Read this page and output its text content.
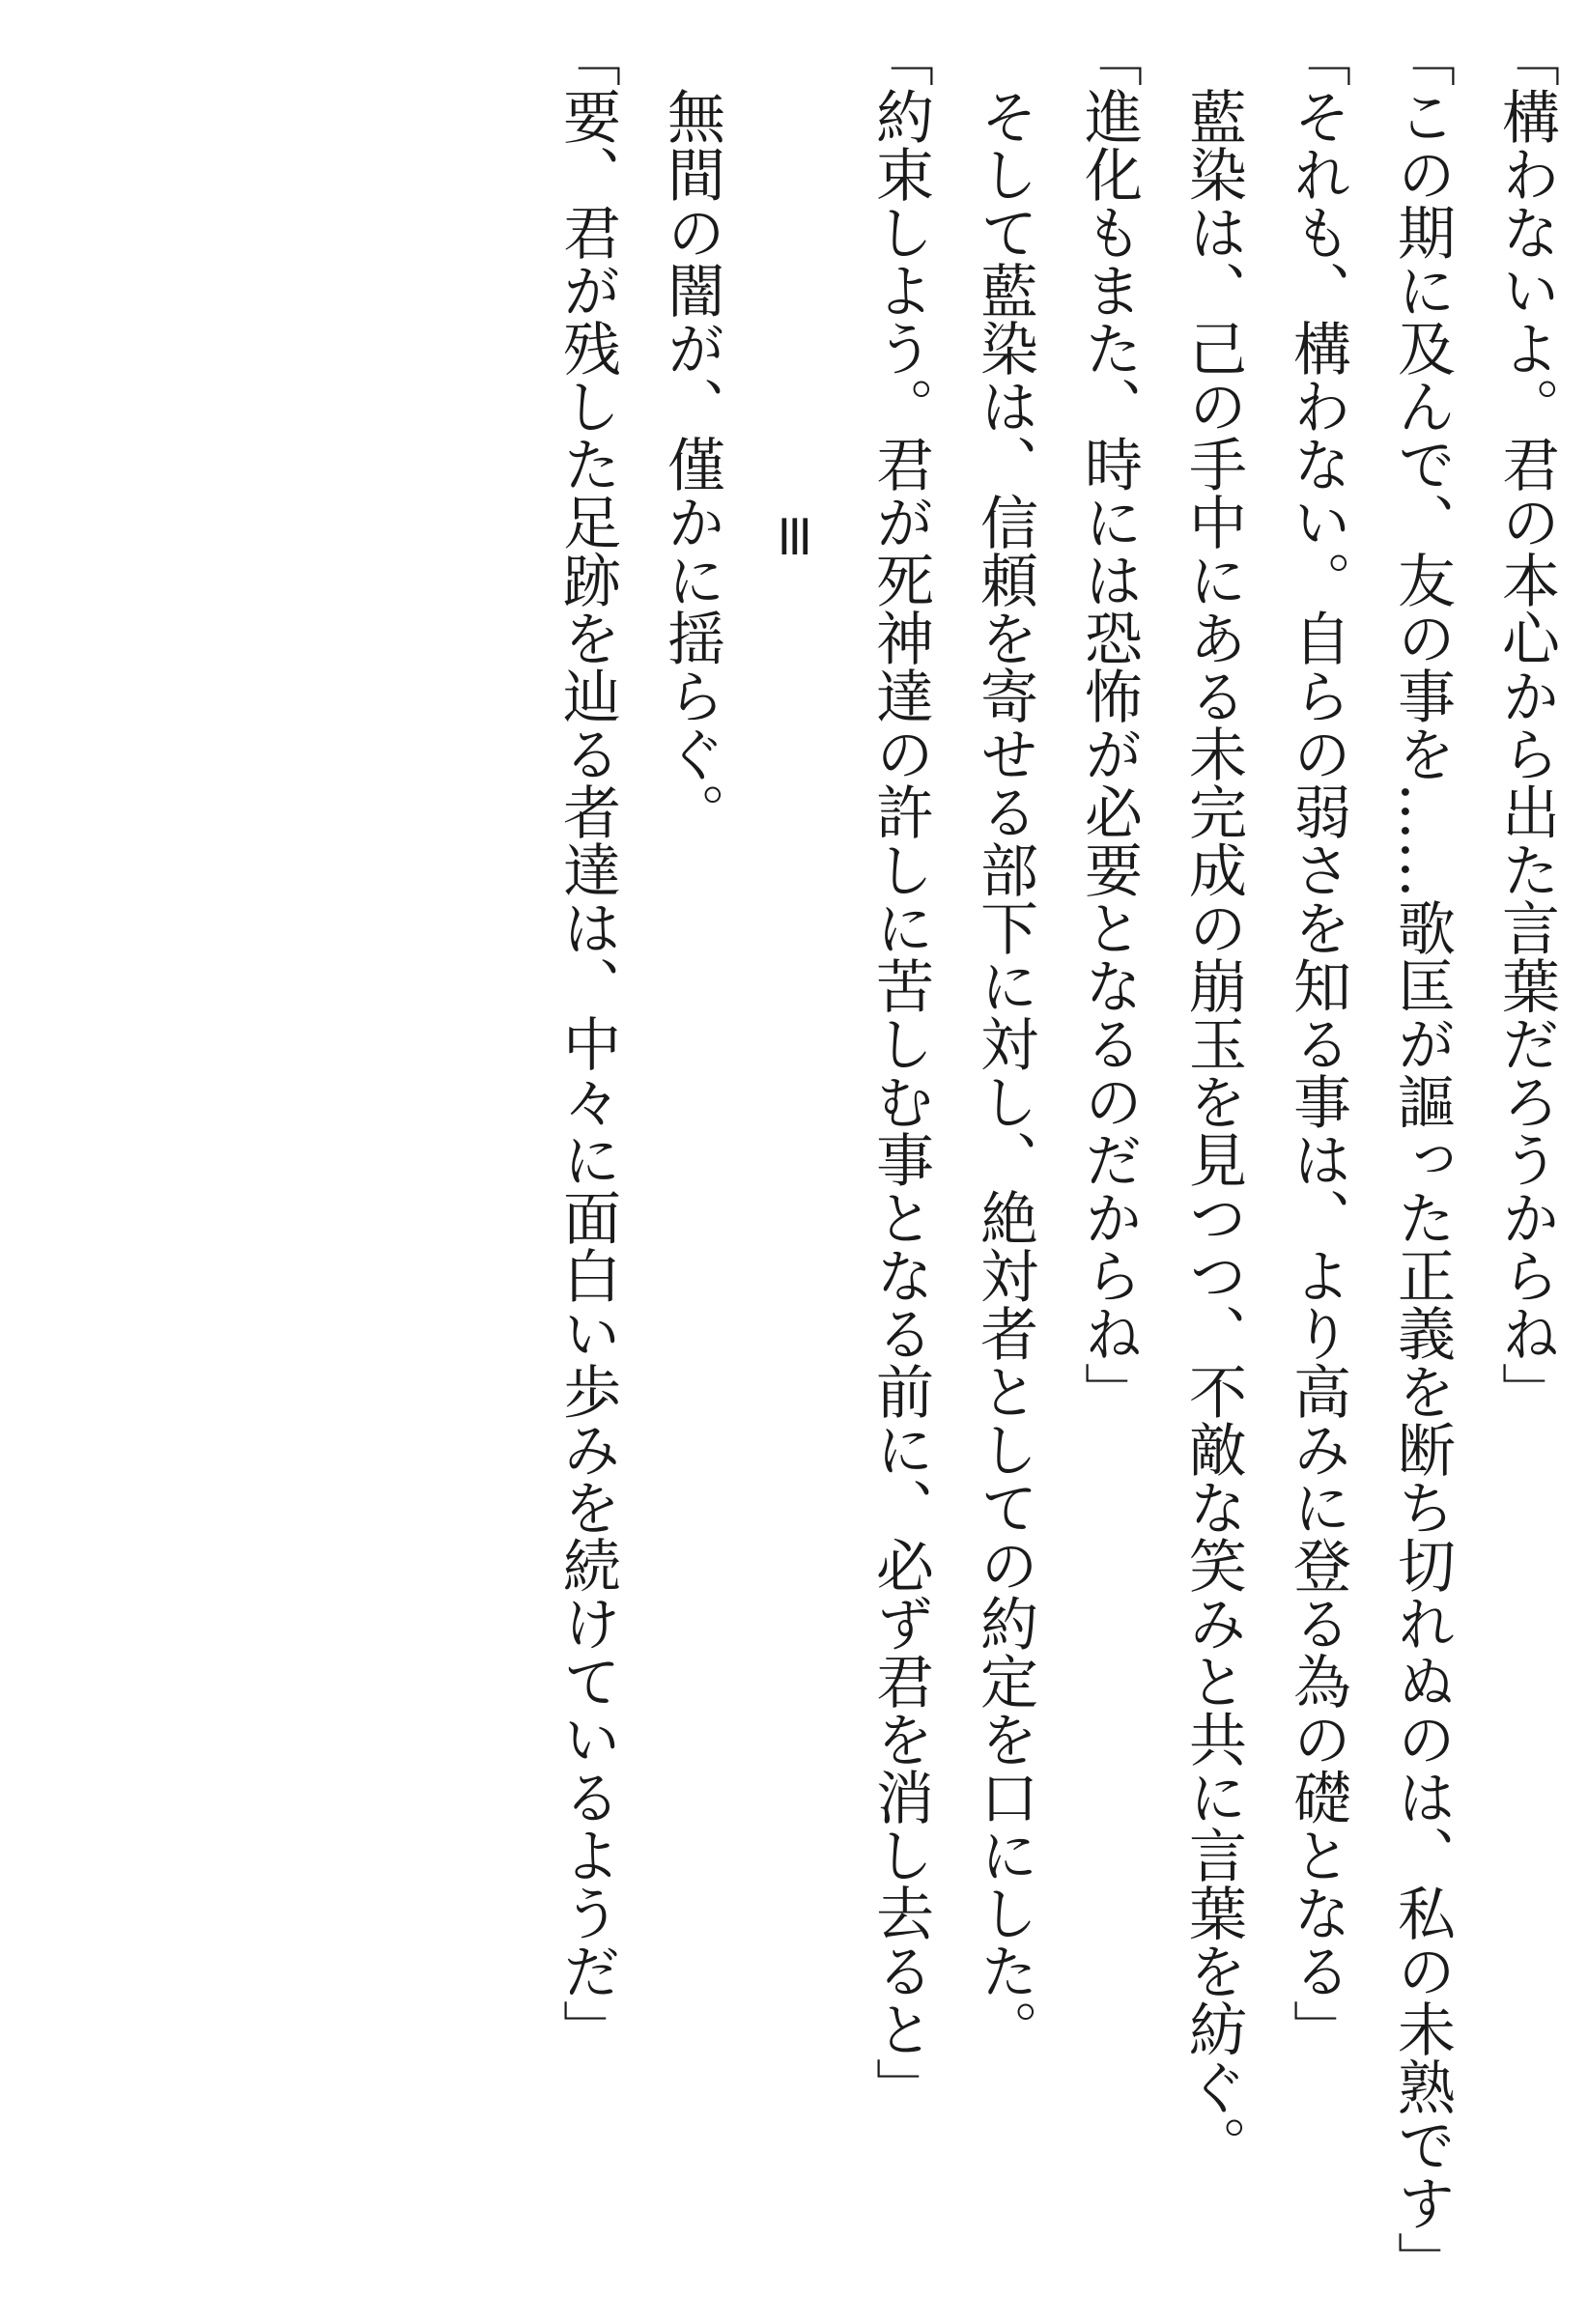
「構わないよ。君の本心から出た言葉だろうからね」

「この期に及んで、友の事を……歌匡が謳った正義を断ち切れぬのは、私の未熟です」

「それも、構わない。自らの弱さを知る事は、より高みに登る為の礎となる」

藍染は、己の手中にある未完成の崩玉を見つつ、不敵な笑みと共に言葉を紡ぐ。

「進化もまた、時には恐怖が必要となるのだからね」

そして藍染は、信頼を寄せる部下に対し、絶対者としての約定を口にした。

「約束しよう。君が死神達の許しに苦しむ事となる前に、必ず君を消し去ると」

≡

無間の闇が、僅かに揺らぐ。

「要、君が残した足跡を辿る者達は、中々に面白い歩みを続けているようだ」
